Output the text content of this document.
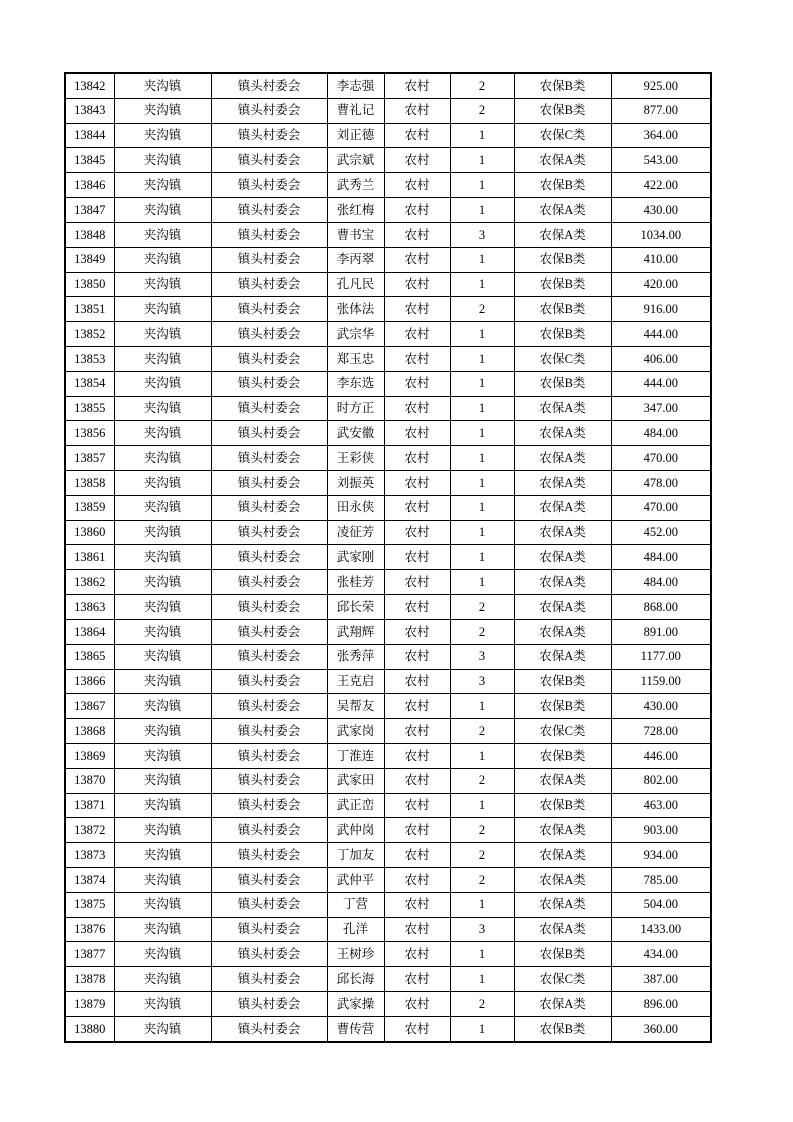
13842	夹沟镇	镇头村委会	李志强	农村	2	农保B类	925.00
13843	夹沟镇	镇头村委会	曹礼记	农村	2	农保B类	877.00
13844	夹沟镇	镇头村委会	刘正德	农村	1	农保C类	364.00
13845	夹沟镇	镇头村委会	武宗斌	农村	1	农保A类	543.00
13846	夹沟镇	镇头村委会	武秀兰	农村	1	农保B类	422.00
13847	夹沟镇	镇头村委会	张红梅	农村	1	农保A类	430.00
13848	夹沟镇	镇头村委会	曹书宝	农村	3	农保A类	1034.00
13849	夹沟镇	镇头村委会	李丙翠	农村	1	农保B类	410.00
13850	夹沟镇	镇头村委会	孔凡民	农村	1	农保B类	420.00
13851	夹沟镇	镇头村委会	张体法	农村	2	农保B类	916.00
13852	夹沟镇	镇头村委会	武宗华	农村	1	农保B类	444.00
13853	夹沟镇	镇头村委会	郑玉忠	农村	1	农保C类	406.00
13854	夹沟镇	镇头村委会	李东选	农村	1	农保B类	444.00
13855	夹沟镇	镇头村委会	时方正	农村	1	农保A类	347.00
13856	夹沟镇	镇头村委会	武安徽	农村	1	农保A类	484.00
13857	夹沟镇	镇头村委会	王彩侠	农村	1	农保A类	470.00
13858	夹沟镇	镇头村委会	刘振英	农村	1	农保A类	478.00
13859	夹沟镇	镇头村委会	田永侠	农村	1	农保A类	470.00
13860	夹沟镇	镇头村委会	凌征芳	农村	1	农保A类	452.00
13861	夹沟镇	镇头村委会	武家刚	农村	1	农保A类	484.00
13862	夹沟镇	镇头村委会	张桂芳	农村	1	农保A类	484.00
13863	夹沟镇	镇头村委会	邱长荣	农村	2	农保A类	868.00
13864	夹沟镇	镇头村委会	武翔辉	农村	2	农保A类	891.00
13865	夹沟镇	镇头村委会	张秀萍	农村	3	农保A类	1177.00
13866	夹沟镇	镇头村委会	王克启	农村	3	农保B类	1159.00
13867	夹沟镇	镇头村委会	吴帮友	农村	1	农保B类	430.00
13868	夹沟镇	镇头村委会	武家岗	农村	2	农保C类	728.00
13869	夹沟镇	镇头村委会	丁淮连	农村	1	农保B类	446.00
13870	夹沟镇	镇头村委会	武家田	农村	2	农保A类	802.00
13871	夹沟镇	镇头村委会	武正峦	农村	1	农保B类	463.00
13872	夹沟镇	镇头村委会	武仲岗	农村	2	农保A类	903.00
13873	夹沟镇	镇头村委会	丁加友	农村	2	农保A类	934.00
13874	夹沟镇	镇头村委会	武仲平	农村	2	农保A类	785.00
13875	夹沟镇	镇头村委会	丁营	农村	1	农保A类	504.00
13876	夹沟镇	镇头村委会	孔洋	农村	3	农保A类	1433.00
13877	夹沟镇	镇头村委会	王树珍	农村	1	农保B类	434.00
13878	夹沟镇	镇头村委会	邱长海	农村	1	农保C类	387.00
13879	夹沟镇	镇头村委会	武家操	农村	2	农保A类	896.00
13880	夹沟镇	镇头村委会	曹传营	农村	1	农保B类	360.00
